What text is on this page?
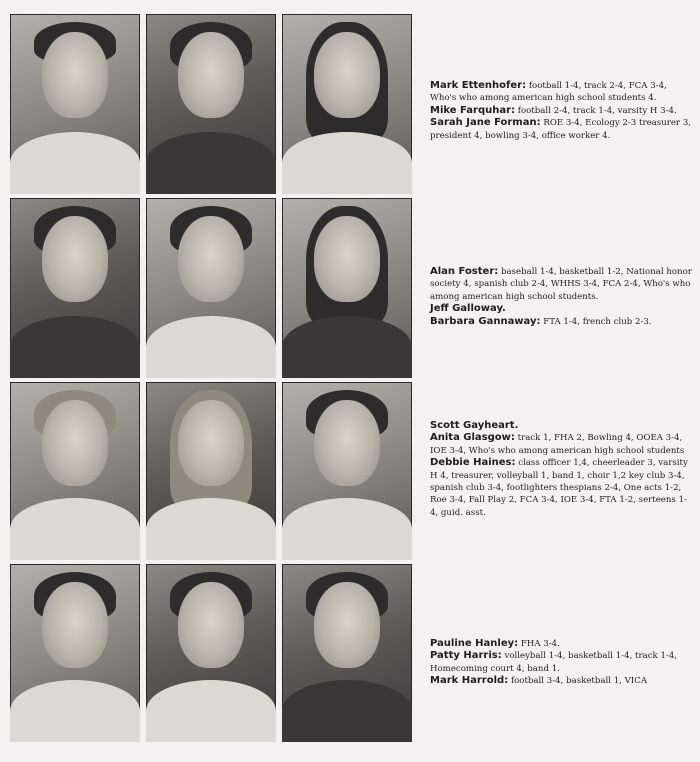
Mark Ettenhofer: football 1-4, track 2-4, FCA 3-4, Who's who among american high school students 4.

Mike Farquhar: football 2-4, track 1-4, varsity H 3-4.

Sarah Jane Forman: ROE 3-4, Ecology 2-3 treasurer 3, president 4, bowling 3-4, office worker 4.

Alan Foster: baseball 1-4, basketball 1-2, National honor society 4, spanish club 2-4, WHHS 3-4, FCA 2-4, Who's who among american high school students.

Jeff Galloway.

Barbara Gannaway: FTA 1-4, french club 2-3.

Scott Gayheart.

Anita Glasgow: track 1, FHA 2, Bowling 4, OOEA 3-4, IOE 3-4, Who's who among american high school students

Debbie Haines: class officer 1,4, cheerleader 3, varsity H 4, treasurer, volleyball 1, band 1, choir 1,2 key club 3-4, spanish club 3-4, footlighters thespians 2-4, One acts 1-2, Roe 3-4, Fall Play 2, FCA 3-4, IOE 3-4, FTA 1-2, serteens 1-4, guid. asst.

Pauline Hanley: FHA 3-4.

Patty Harris: volleyball 1-4, basketball 1-4, track 1-4, Homecoming court 4, band 1.

Mark Harrold: football 3-4, basketball 1, VICA
